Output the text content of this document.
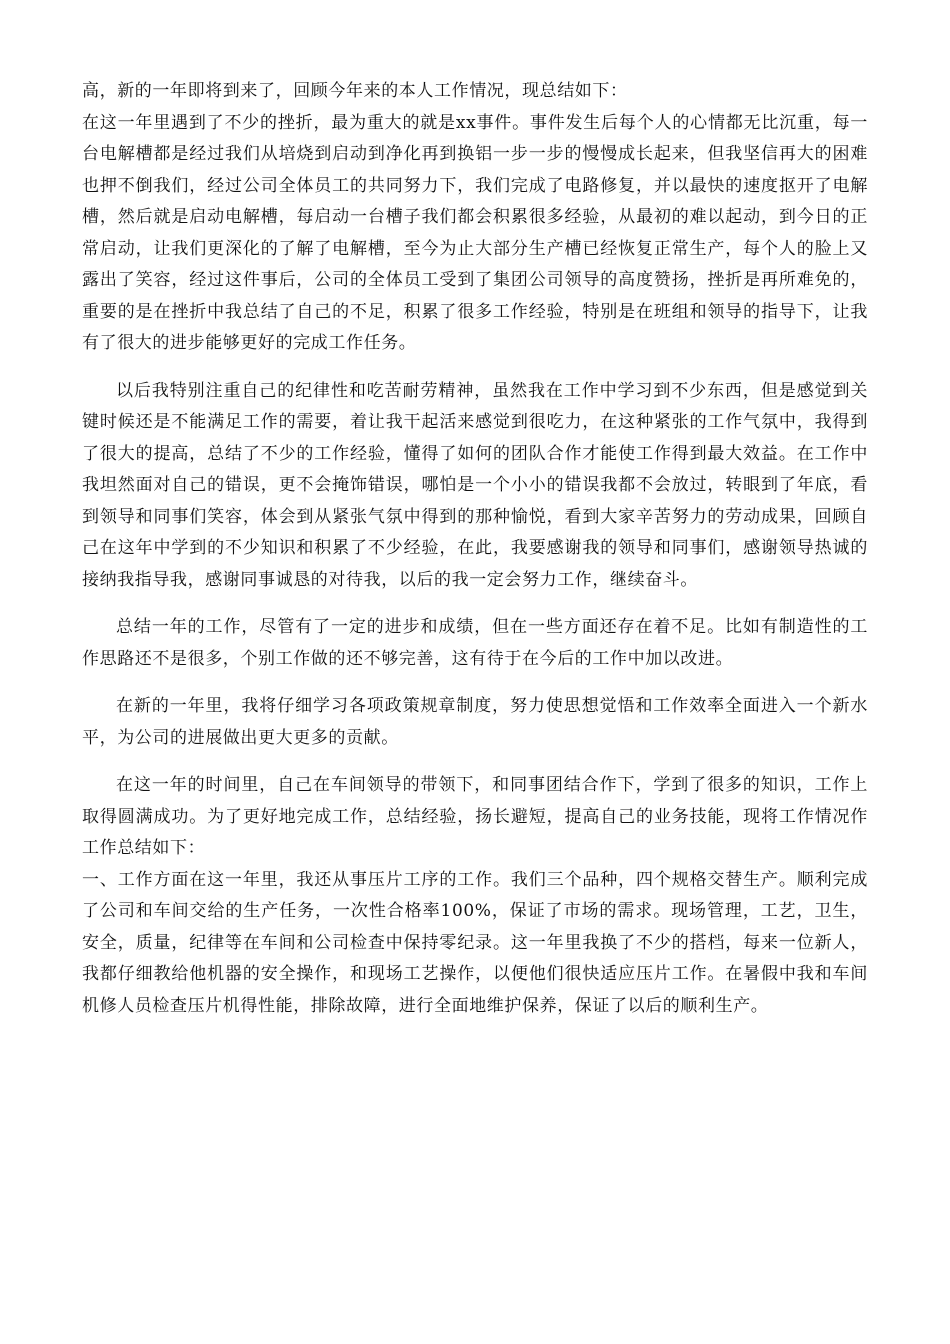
高，新的一年即将到来了，回顾今年来的本人工作情况，现总结如下：

在这一年里遇到了不少的挫折，最为重大的就是xx事件。事件发生后每个人的心情都无比沉重，每一台电解槽都是经过我们从培烧到启动到净化再到换铝一步一步的慢慢成长起来，但我坚信再大的困难也押不倒我们，经过公司全体员工的共同努力下，我们完成了电路修复，并以最快的速度抠开了电解槽，然后就是启动电解槽，每启动一台槽子我们都会积累很多经验，从最初的难以起动，到今日的正常启动，让我们更深化的了解了电解槽，至今为止大部分生产槽已经恢复正常生产，每个人的脸上又露出了笑容，经过这件事后，公司的全体员工受到了集团公司领导的高度赞扬，挫折是再所难免的，重要的是在挫折中我总结了自己的不足，积累了很多工作经验，特别是在班组和领导的指导下，让我有了很大的进步能够更好的完成工作任务。

以后我特别注重自己的纪律性和吃苦耐劳精神，虽然我在工作中学习到不少东西，但是感觉到关键时候还是不能满足工作的需要，着让我干起活来感觉到很吃力，在这种紧张的工作气氛中，我得到了很大的提高，总结了不少的工作经验，懂得了如何的团队合作才能使工作得到最大效益。在工作中我坦然面对自己的错误，更不会掩饰错误，哪怕是一个小小的错误我都不会放过，转眼到了年底，看到领导和同事们笑容，体会到从紧张气氛中得到的那种愉悦，看到大家辛苦努力的劳动成果，回顾自己在这年中学到的不少知识和积累了不少经验，在此，我要感谢我的领导和同事们，感谢领导热诚的接纳我指导我，感谢同事诚恳的对待我，以后的我一定会努力工作，继续奋斗。

总结一年的工作，尽管有了一定的进步和成绩，但在一些方面还存在着不足。比如有制造性的工作思路还不是很多，个别工作做的还不够完善，这有待于在今后的工作中加以改进。

在新的一年里，我将仔细学习各项政策规章制度，努力使思想觉悟和工作效率全面进入一个新水平，为公司的进展做出更大更多的贡献。

在这一年的时间里，自己在车间领导的带领下，和同事团结合作下，学到了很多的知识，工作上取得圆满成功。为了更好地完成工作，总结经验，扬长避短，提高自己的业务技能，现将工作情况作工作总结如下：

一、工作方面在这一年里，我还从事压片工序的工作。我们三个品种，四个规格交替生产。顺利完成了公司和车间交给的生产任务，一次性合格率100%，保证了市场的需求。现场管理，工艺，卫生，安全，质量，纪律等在车间和公司检查中保持零纪录。这一年里我换了不少的搭档，每来一位新人，我都仔细教给他机器的安全操作，和现场工艺操作，以便他们很快适应压片工作。在暑假中我和车间机修人员检查压片机得性能，排除故障，进行全面地维护保养，保证了以后的顺利生产。
